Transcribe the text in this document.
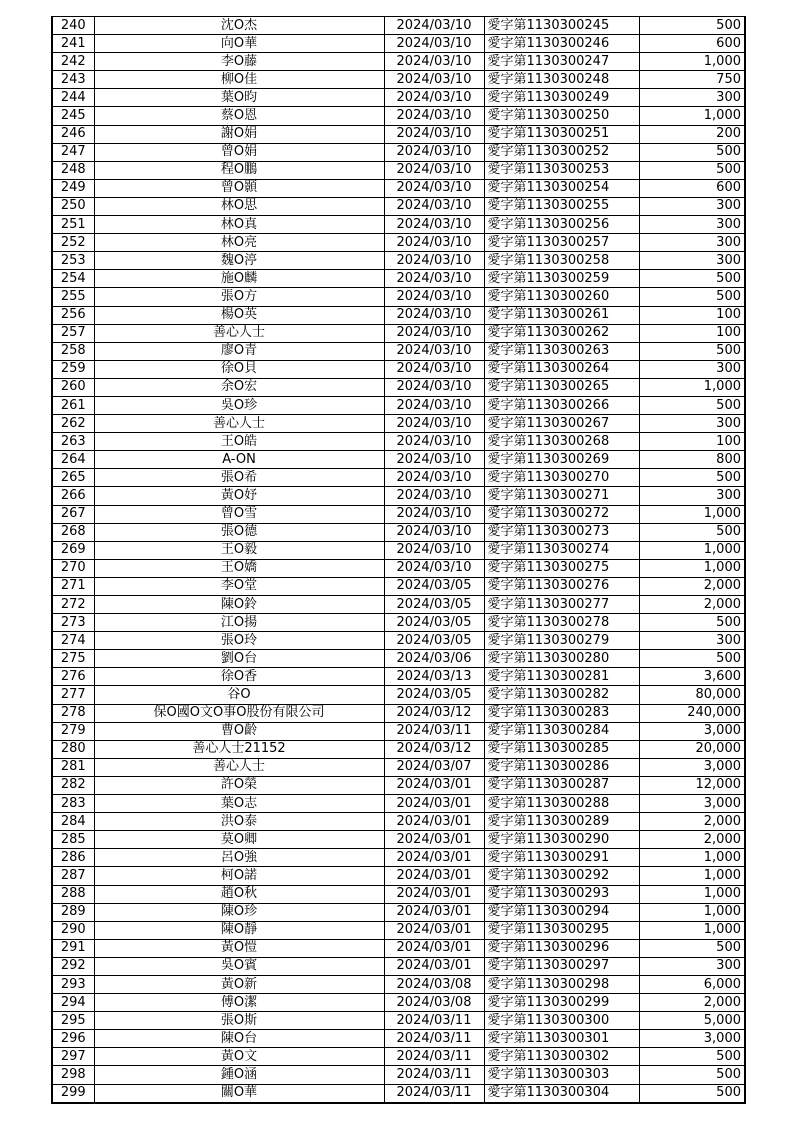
240	沈O杰	2024/03/10	愛字第1130300245	500
241	向O華	2024/03/10	愛字第1130300246	600
242	李O藤	2024/03/10	愛字第1130300247	1,000
243	柳O佳	2024/03/10	愛字第1130300248	750
244	葉O昀	2024/03/10	愛字第1130300249	300
245	蔡O恩	2024/03/10	愛字第1130300250	1,000
246	謝O娟	2024/03/10	愛字第1130300251	200
247	曾O娟	2024/03/10	愛字第1130300252	500
248	程O鵬	2024/03/10	愛字第1130300253	500
249	曾O顥	2024/03/10	愛字第1130300254	600
250	林O思	2024/03/10	愛字第1130300255	300
251	林O真	2024/03/10	愛字第1130300256	300
252	林O亮	2024/03/10	愛字第1130300257	300
253	魏O渟	2024/03/10	愛字第1130300258	300
254	施O麟	2024/03/10	愛字第1130300259	500
255	張O方	2024/03/10	愛字第1130300260	500
256	楊O英	2024/03/10	愛字第1130300261	100
257	善心人士	2024/03/10	愛字第1130300262	100
258	廖O青	2024/03/10	愛字第1130300263	500
259	徐O貝	2024/03/10	愛字第1130300264	300
260	余O宏	2024/03/10	愛字第1130300265	1,000
261	吳O珍	2024/03/10	愛字第1130300266	500
262	善心人士	2024/03/10	愛字第1130300267	300
263	王O皓	2024/03/10	愛字第1130300268	100
264	A-ON	2024/03/10	愛字第1130300269	800
265	張O希	2024/03/10	愛字第1130300270	500
266	黃O妤	2024/03/10	愛字第1130300271	300
267	曾O雪	2024/03/10	愛字第1130300272	1,000
268	張O德	2024/03/10	愛字第1130300273	500
269	王O毅	2024/03/10	愛字第1130300274	1,000
270	王O嬌	2024/03/10	愛字第1130300275	1,000
271	李O堂	2024/03/05	愛字第1130300276	2,000
272	陳O鈴	2024/03/05	愛字第1130300277	2,000
273	江O揚	2024/03/05	愛字第1130300278	500
274	張O玲	2024/03/05	愛字第1130300279	300
275	劉O台	2024/03/06	愛字第1130300280	500
276	徐O香	2024/03/13	愛字第1130300281	3,600
277	谷O	2024/03/05	愛字第1130300282	80,000
278	保O國O文O事O股份有限公司	2024/03/12	愛字第1130300283	240,000
279	曹O齡	2024/03/11	愛字第1130300284	3,000
280	善心人士21152	2024/03/12	愛字第1130300285	20,000
281	善心人士	2024/03/07	愛字第1130300286	3,000
282	許O榮	2024/03/01	愛字第1130300287	12,000
283	葉O志	2024/03/01	愛字第1130300288	3,000
284	洪O泰	2024/03/01	愛字第1130300289	2,000
285	莫O卿	2024/03/01	愛字第1130300290	2,000
286	呂O強	2024/03/01	愛字第1130300291	1,000
287	柯O諾	2024/03/01	愛字第1130300292	1,000
288	趙O秋	2024/03/01	愛字第1130300293	1,000
289	陳O珍	2024/03/01	愛字第1130300294	1,000
290	陳O靜	2024/03/01	愛字第1130300295	1,000
291	黃O愷	2024/03/01	愛字第1130300296	500
292	吳O賓	2024/03/01	愛字第1130300297	300
293	黃O新	2024/03/08	愛字第1130300298	6,000
294	傅O潔	2024/03/08	愛字第1130300299	2,000
295	張O斯	2024/03/11	愛字第1130300300	5,000
296	陳O台	2024/03/11	愛字第1130300301	3,000
297	黃O文	2024/03/11	愛字第1130300302	500
298	鍾O涵	2024/03/11	愛字第1130300303	500
299	關O華	2024/03/11	愛字第1130300304	500
